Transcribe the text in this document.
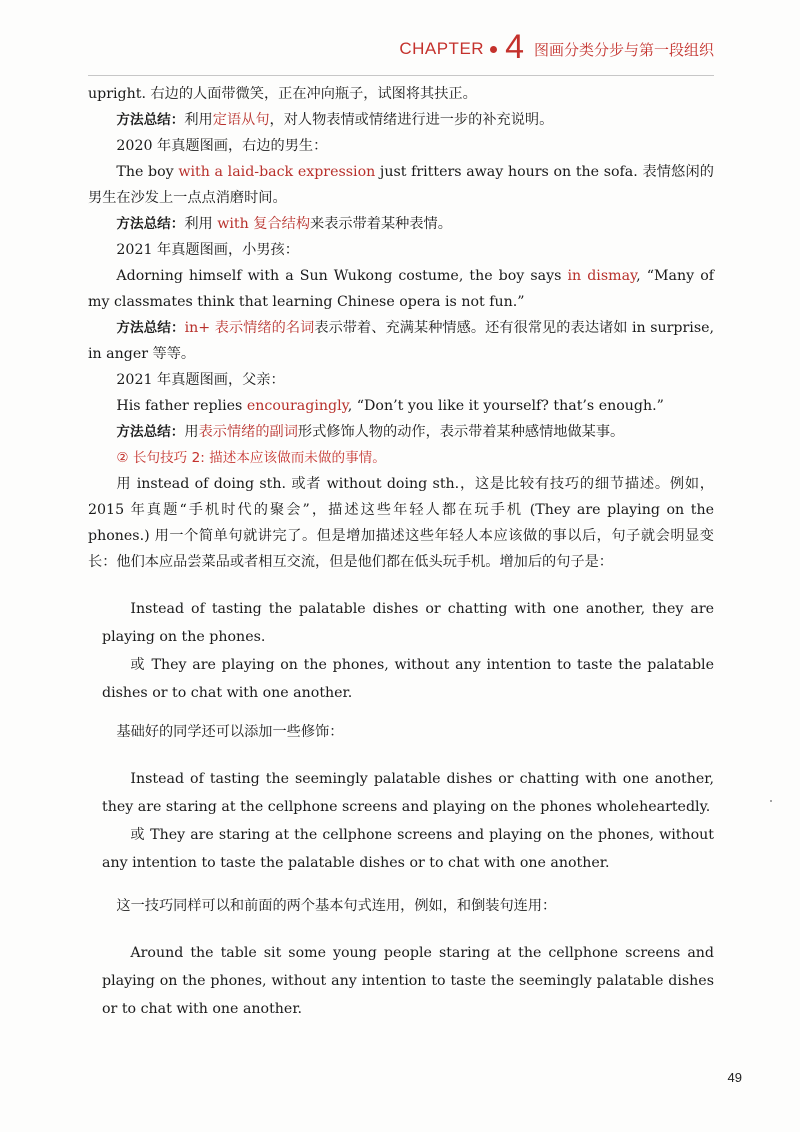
CHAPTER 4 图画分类分步与第一段组织

upright. 右边的人面带微笑，正在冲向瓶子，试图将其扶正。

方法总结：利用定语从句，对人物表情或情绪进行进一步的补充说明。

2020 年真题图画，右边的男生：

The boy with a laid-back expression just fritters away hours on the sofa. 表情悠闲的男生在沙发上一点点消磨时间。

方法总结：利用 with 复合结构来表示带着某种表情。

2021 年真题图画，小男孩：

Adorning himself with a Sun Wukong costume, the boy says in dismay, “Many of my classmates think that learning Chinese opera is not fun.”

方法总结：in+ 表示情绪的名词表示带着、充满某种情感。还有很常见的表达诸如 in surprise, in anger 等等。

2021 年真题图画，父亲：

His father replies encouragingly, “Don’t you like it yourself? that’s enough.”

方法总结：用表示情绪的副词形式修饰人物的动作，表示带着某种感情地做某事。

② 长句技巧 2: 描述本应该做而未做的事情。

用 instead of doing sth. 或者 without doing sth.，这是比较有技巧的细节描述。例如，2015 年真题“手机时代的聚会”，描述这些年轻人都在玩手机 (They are playing on the phones.) 用一个简单句就讲完了。但是增加描述这些年轻人本应该做的事以后，句子就会明显变长：他们本应品尝菜品或者相互交流，但是他们都在低头玩手机。增加后的句子是：

Instead of tasting the palatable dishes or chatting with one another, they are playing on the phones.

或 They are playing on the phones, without any intention to taste the palatable dishes or to chat with one another.

基础好的同学还可以添加一些修饰：

Instead of tasting the seemingly palatable dishes or chatting with one another, they are staring at the cellphone screens and playing on the phones wholeheartedly.

或 They are staring at the cellphone screens and playing on the phones, without any intention to taste the palatable dishes or to chat with one another.

这一技巧同样可以和前面的两个基本句式连用，例如，和倒装句连用：

Around the table sit some young people staring at the cellphone screens and playing on the phones, without any intention to taste the seemingly palatable dishes or to chat with one another.

49
